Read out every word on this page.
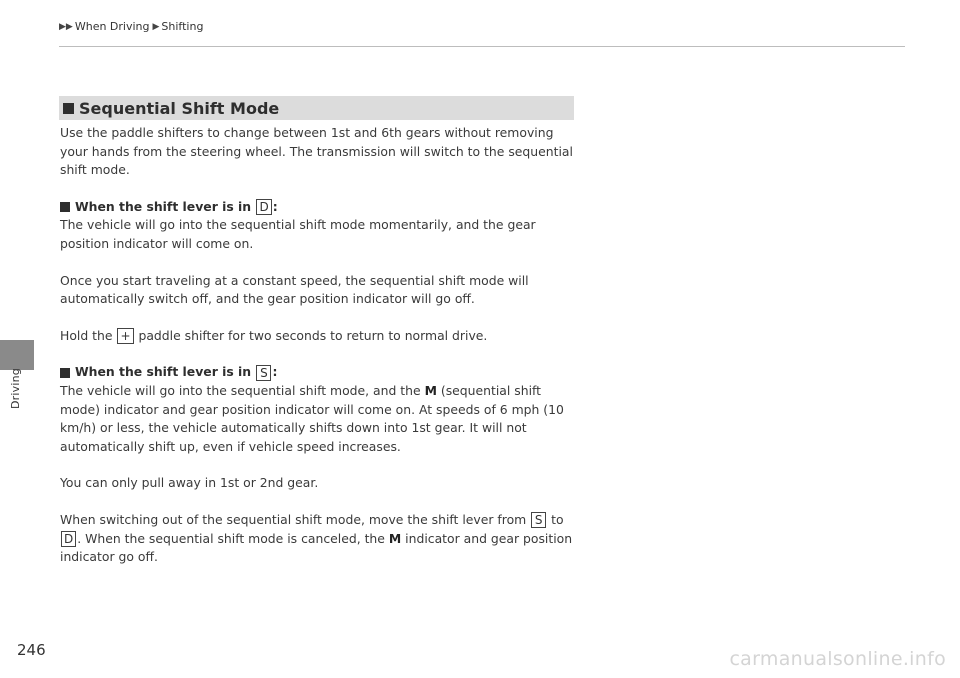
▶▶ When Driving ▶ Shifting
Driving
Sequential Shift Mode

Use the paddle shifters to change between 1st and 6th gears without removing your hands from the steering wheel. The transmission will switch to the sequential shift mode.

When the shift lever is in
D :

The vehicle will go into the sequential shift mode momentarily, and the gear position indicator will come on.

Once you start traveling at a constant speed, the sequential shift mode will automatically switch off, and the gear position indicator will go off.

Hold the + paddle shifter for two seconds to return to normal drive.

When the shift lever is in
S :

The vehicle will go into the sequential shift mode, and the M (sequential shift mode) indicator and gear position indicator will come on. At speeds of 6 mph (10 km/h) or less, the vehicle automatically shifts down into 1st gear. It will not automatically shift up, even if vehicle speed increases.

You can only pull away in 1st or 2nd gear.

When switching out of the sequential shift mode, move the shift lever from S to D . When the sequential shift mode is canceled, the M indicator and gear position indicator go off.

246	carmanualsonline.info
